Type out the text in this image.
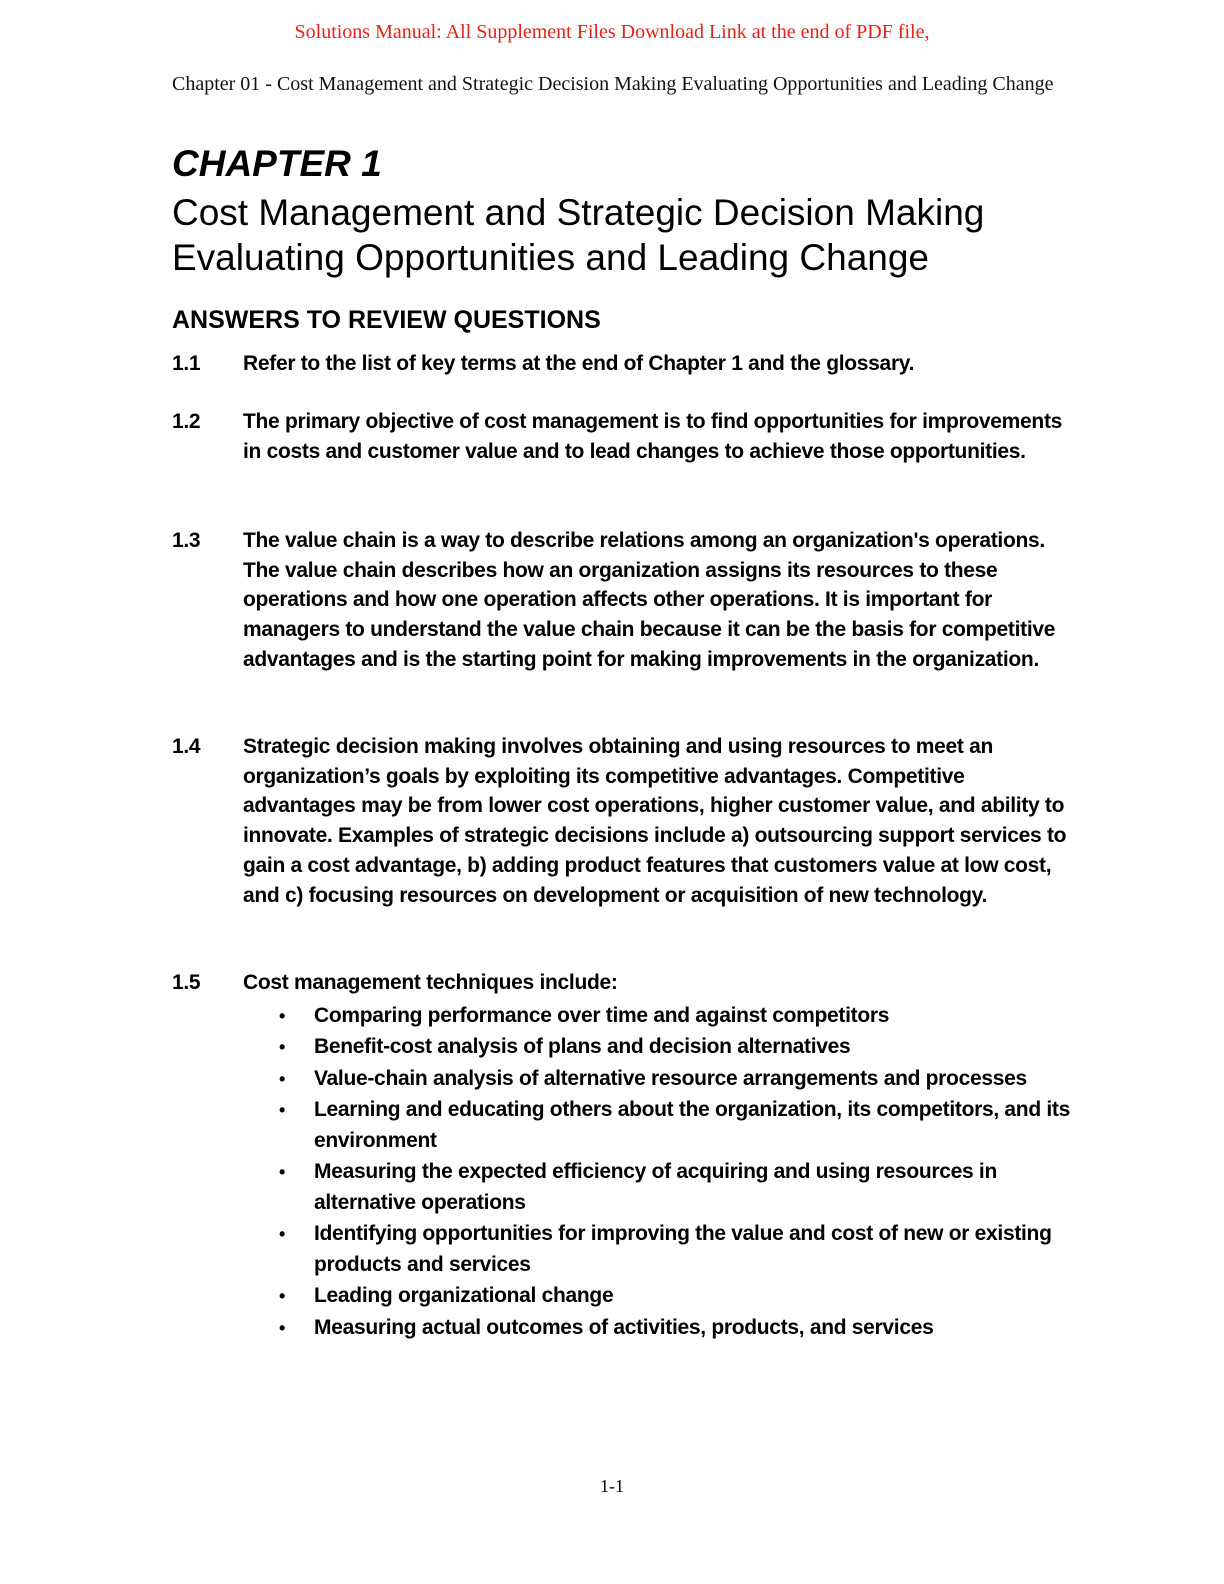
Solutions Manual: All Supplement Files Download Link at the end of PDF file,
Chapter 01 - Cost Management and Strategic Decision Making Evaluating Opportunities and Leading Change
CHAPTER 1
Cost Management and Strategic Decision Making Evaluating Opportunities and Leading Change
ANSWERS TO REVIEW QUESTIONS
1.1	Refer to the list of key terms at the end of Chapter 1 and the glossary.
1.2	The primary objective of cost management is to find opportunities for improvements in costs and customer value and to lead changes to achieve those opportunities.
1.3	The value chain is a way to describe relations among an organization's operations. The value chain describes how an organization assigns its resources to these operations and how one operation affects other operations. It is important for managers to understand the value chain because it can be the basis for competitive advantages and is the starting point for making improvements in the organization.
1.4	Strategic decision making involves obtaining and using resources to meet an organization’s goals by exploiting its competitive advantages. Competitive advantages may be from lower cost operations, higher customer value, and ability to innovate. Examples of strategic decisions include a) outsourcing support services to gain a cost advantage, b) adding product features that customers value at low cost, and c) focusing resources on development or acquisition of new technology.
1.5	Cost management techniques include:
• Comparing performance over time and against competitors
• Benefit-cost analysis of plans and decision alternatives
• Value-chain analysis of alternative resource arrangements and processes
• Learning and educating others about the organization, its competitors, and its environment
• Measuring the expected efficiency of acquiring and using resources in alternative operations
• Identifying opportunities for improving the value and cost of new or existing products and services
• Leading organizational change
• Measuring actual outcomes of activities, products, and services
1-1
